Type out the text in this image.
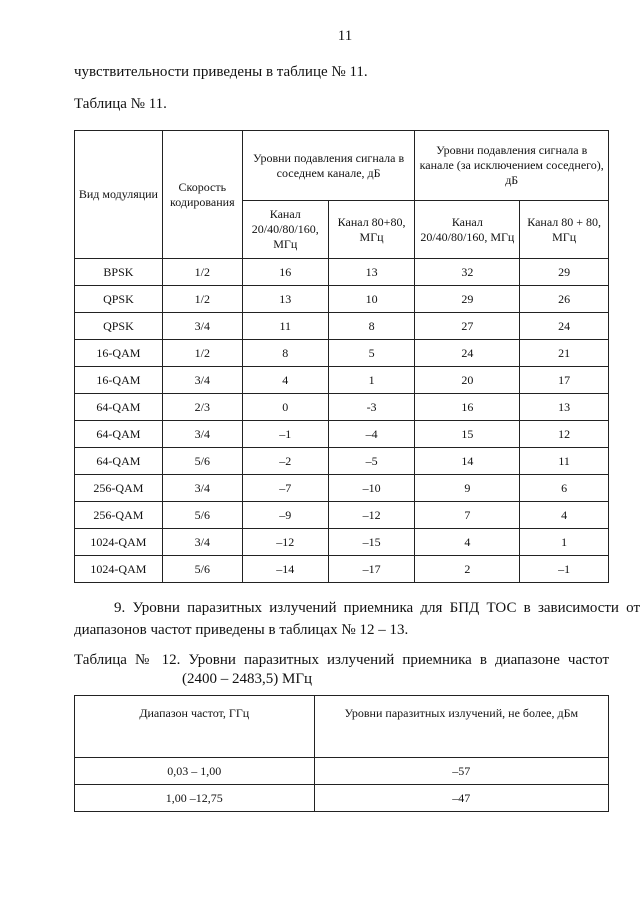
11
чувствительности приведены в таблице № 11.
Таблица № 11.
Вид модуляции	Скорость кодирования	Уровни подавления сигнала в соседнем канале, дБ		Уровни подавления сигнала в канале (за исключением соседнего), дБ	
		Канал 20/40/80/160, МГц	Канал 80+80, МГц	Канал 20/40/80/160, МГц	Канал 80 + 80, МГц
BPSK	1/2	16	13	32	29
QPSK	1/2	13	10	29	26
QPSK	3/4	11	8	27	24
16-QAM	1/2	8	5	24	21
16-QAM	3/4	4	1	20	17
64-QAM	2/3	0	-3	16	13
64-QAM	3/4	–1	–4	15	12
64-QAM	5/6	–2	–5	14	11
256-QAM	3/4	–7	–10	9	6
256-QAM	5/6	–9	–12	7	4
1024-QAM	3/4	–12	–15	4	1
1024-QAM	5/6	–14	–17	2	–1
9. Уровни паразитных излучений приемника для БПД ТОС в зависимости от диапазонов частот приведены в таблицах № 12 – 13.
Таблица № 12. Уровни паразитных излучений приемника в диапазоне частот
(2400 – 2483,5) МГц
Диапазон частот, ГГц	Уровни паразитных излучений, не более, дБм
0,03 – 1,00	–57
1,00 –12,75	–47
